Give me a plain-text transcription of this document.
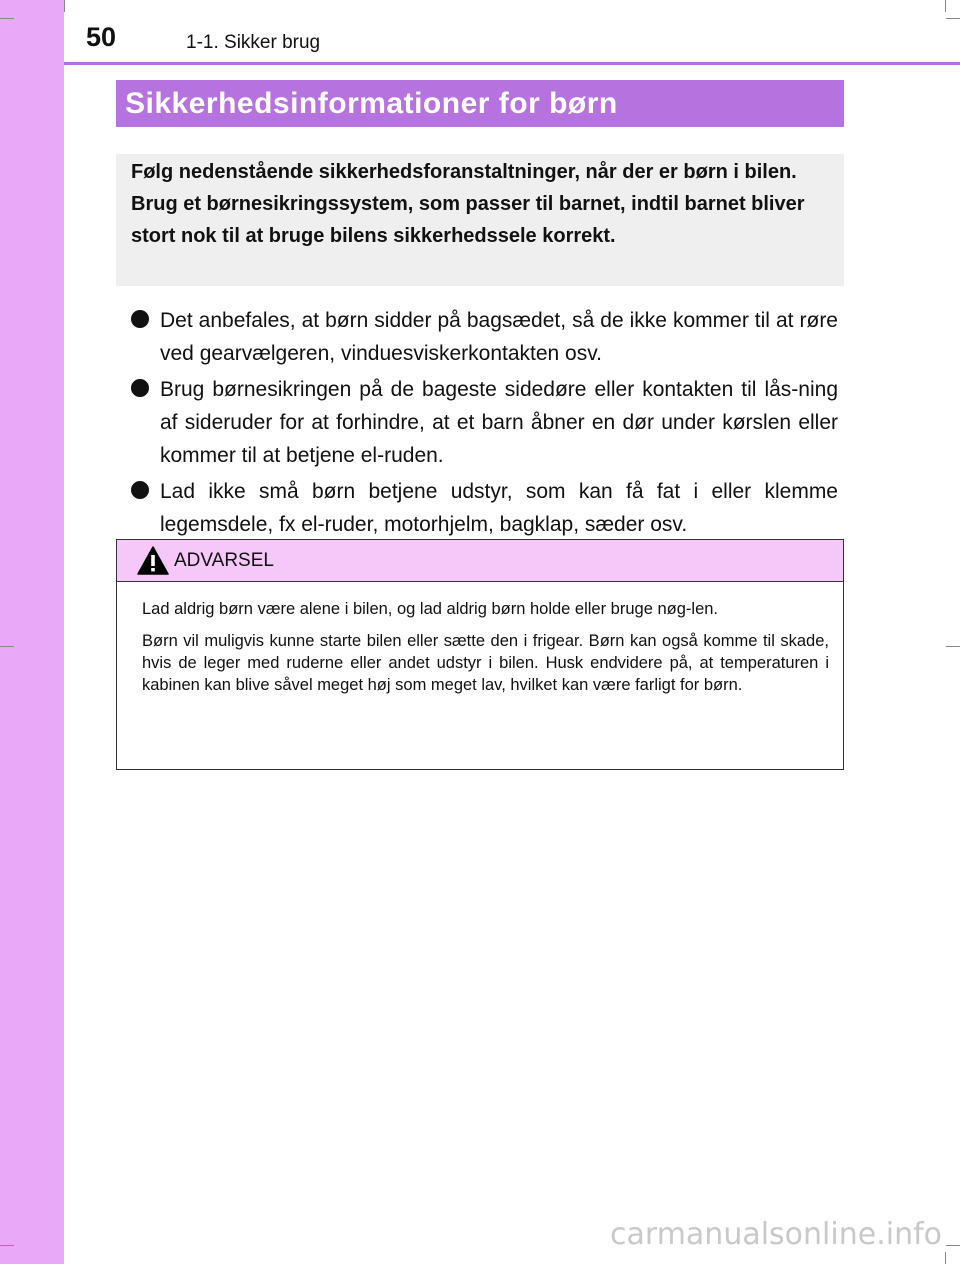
50	1-1. Sikker brug
Sikkerhedsinformationer for børn

Følg nedenstående sikkerhedsforanstaltninger, når der er børn i bilen.

Brug et børnesikringssystem, som passer til barnet, indtil barnet bliver stort nok til at bruge bilens sikkerhedssele korrekt.

Det anbefales, at børn sidder på bagsædet, så de ikke kommer til at røre ved gearvælgeren, vinduesviskerkontakten osv.
Brug børnesikringen på de bageste sidedøre eller kontakten til lås-ning af sideruder for at forhindre, at et barn åbner en dør under kørslen eller kommer til at betjene el-ruden.
Lad ikke små børn betjene udstyr, som kan få fat i eller klemme legemsdele, fx el-ruder, motorhjelm, bagklap, sæder osv.
ADVARSEL

Lad aldrig børn være alene i bilen, og lad aldrig børn holde eller bruge nøg-len.

Børn vil muligvis kunne starte bilen eller sætte den i frigear. Børn kan også komme til skade, hvis de leger med ruderne eller andet udstyr i bilen. Husk endvidere på, at temperaturen i kabinen kan blive såvel meget høj som meget lav, hvilket kan være farligt for børn.

carmanualsonline.info
